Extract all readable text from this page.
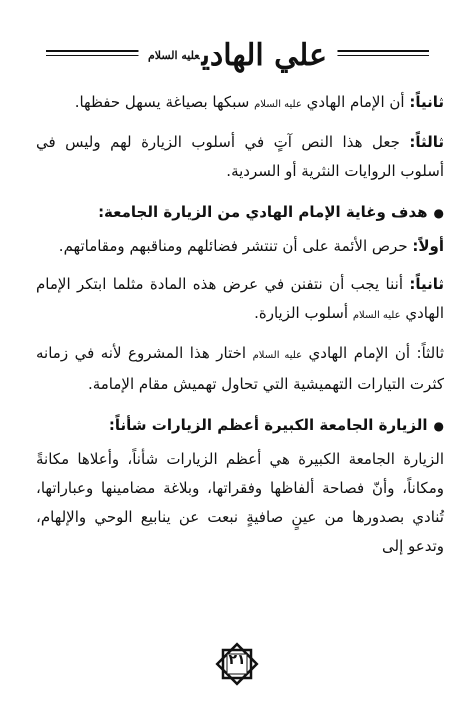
علي الهادي$^{عليه السلام}$

ثانياً: أن الإمام الهادي عليه السلام سبكها بصياغة يسهل حفظها.

ثالثاً: جعل هذا النص آتٍ في أسلوب الزيارة لهم وليس في أسلوب الروايات النثرية أو السردية.

●هدف وغاية الإمام الهادي من الزيارة الجامعة:

أولاً: حرص الأئمة على أن تنتشر فضائلهم ومناقبهم ومقاماتهم.

ثانياً: أننا يجب أن نتفنن في عرض هذه المادة مثلما ابتكر الإمام الهادي عليه السلام أسلوب الزيارة.

ثالثاً: أن الإمام الهادي عليه السلام اختار هذا المشروع لأنه في زمانه كثرت التيارات التهميشية التي تحاول تهميش مقام الإمامة.

●الزيارة الجامعة الكبيرة أعظم الزيارات شأناً:

الزيارة الجامعة الكبيرة هي أعظم الزيارات شأناً، وأعلاها مكانةً ومكاناً، وأنّ فصاحة ألفاظها وفقراتها، وبلاغة مضامينها وعباراتها، تُنادي بصدورها من عينٍ صافيةٍ نبعت عن ينابيع الوحي والإلهام، وتدعو إلى

٢١
